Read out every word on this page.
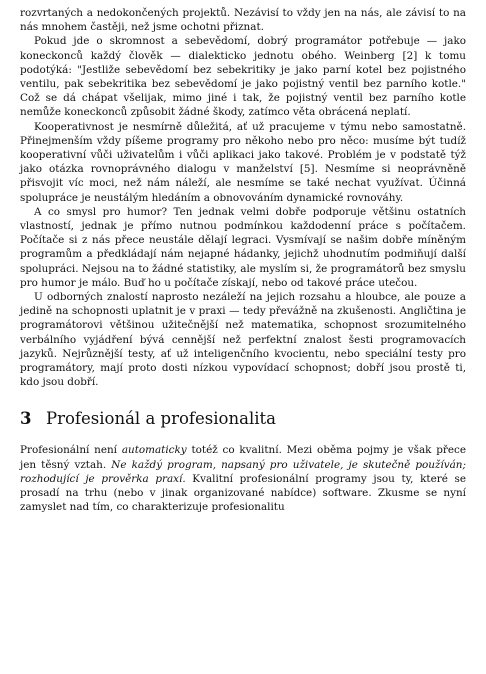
rozvrtaných a nedokončených projektů. Nezávisí to vždy jen na nás, ale závisí to na nás mnohem častěji, než jsme ochotni přiznat.

Pokud jde o skromnost a sebevědomí, dobrý programátor potřebuje — jako koneckonců každý člověk — dialekticko jednotu obého. Weinberg [2] k tomu podotýká: "Jestliže sebevědomí bez sebekritiky je jako parní kotel bez pojistného ventilu, pak sebekritika bez sebevědomí je jako pojistný ventil bez parního kotle." Což se dá chápat všelijak, mimo jiné i tak, že pojistný ventil bez parního kotle nemůže koneckonců způsobit žádné škody, zatímco věta obrácená neplatí.

Kooperativnost je nesmírně důležitá, ať už pracujeme v týmu nebo samostatně. Přinejmenším vždy píšeme programy pro někoho nebo pro něco: musíme být tudíž kooperativní vůči uživatelům i vůči aplikaci jako takové. Problém je v podstatě týž jako otázka rovnoprávného dialogu v manželství [5]. Nesmíme si neoprávněně přisvojit víc moci, než nám náleží, ale nesmíme se také nechat využívat. Účinná spolupráce je neustálým hledáním a obnovováním dynamické rovnováhy.

A co smysl pro humor? Ten jednak velmi dobře podporuje většinu ostatních vlastností, jednak je přímo nutnou podmínkou každodenní práce s počítačem. Počítače si z nás přece neustále dělají legraci. Vysmívají se našim dobře míněným programům a předkládají nám nejapné hádanky, jejichž uhodnutím podmiňují další spolupráci. Nejsou na to žádné statistiky, ale myslím si, že programátorů bez smyslu pro humor je málo. Buď ho u počítače získají, nebo od takové práce utečou.

U odborných znalostí naprosto nezáleží na jejich rozsahu a hloubce, ale pouze a jedině na schopnosti uplatnit je v praxi — tedy převážně na zkušenosti. Angličtina je programátorovi většinou užitečnější než matematika, schopnost srozumitelného verbálního vyjádření bývá cennější než perfektní znalost šesti programovacích jazyků. Nejrůznější testy, ať už inteligenčního kvocientu, nebo speciální testy pro programátory, mají proto dosti nízkou vypovídací schopnost; dobří jsou prostě ti, kdo jsou dobří.

3 Profesionál a profesionalita

Profesionální není automaticky totéž co kvalitní. Mezi oběma pojmy je však přece jen těsný vztah. Ne každý program, napsaný pro uživatele, je skutečně používán; rozhodující je prověrka praxí. Kvalitní profesionální programy jsou ty, které se prosadí na trhu (nebo v jinak organizované nabídce) software. Zkusme se nyní zamyslet nad tím, co charakterizuje profesionalitu
